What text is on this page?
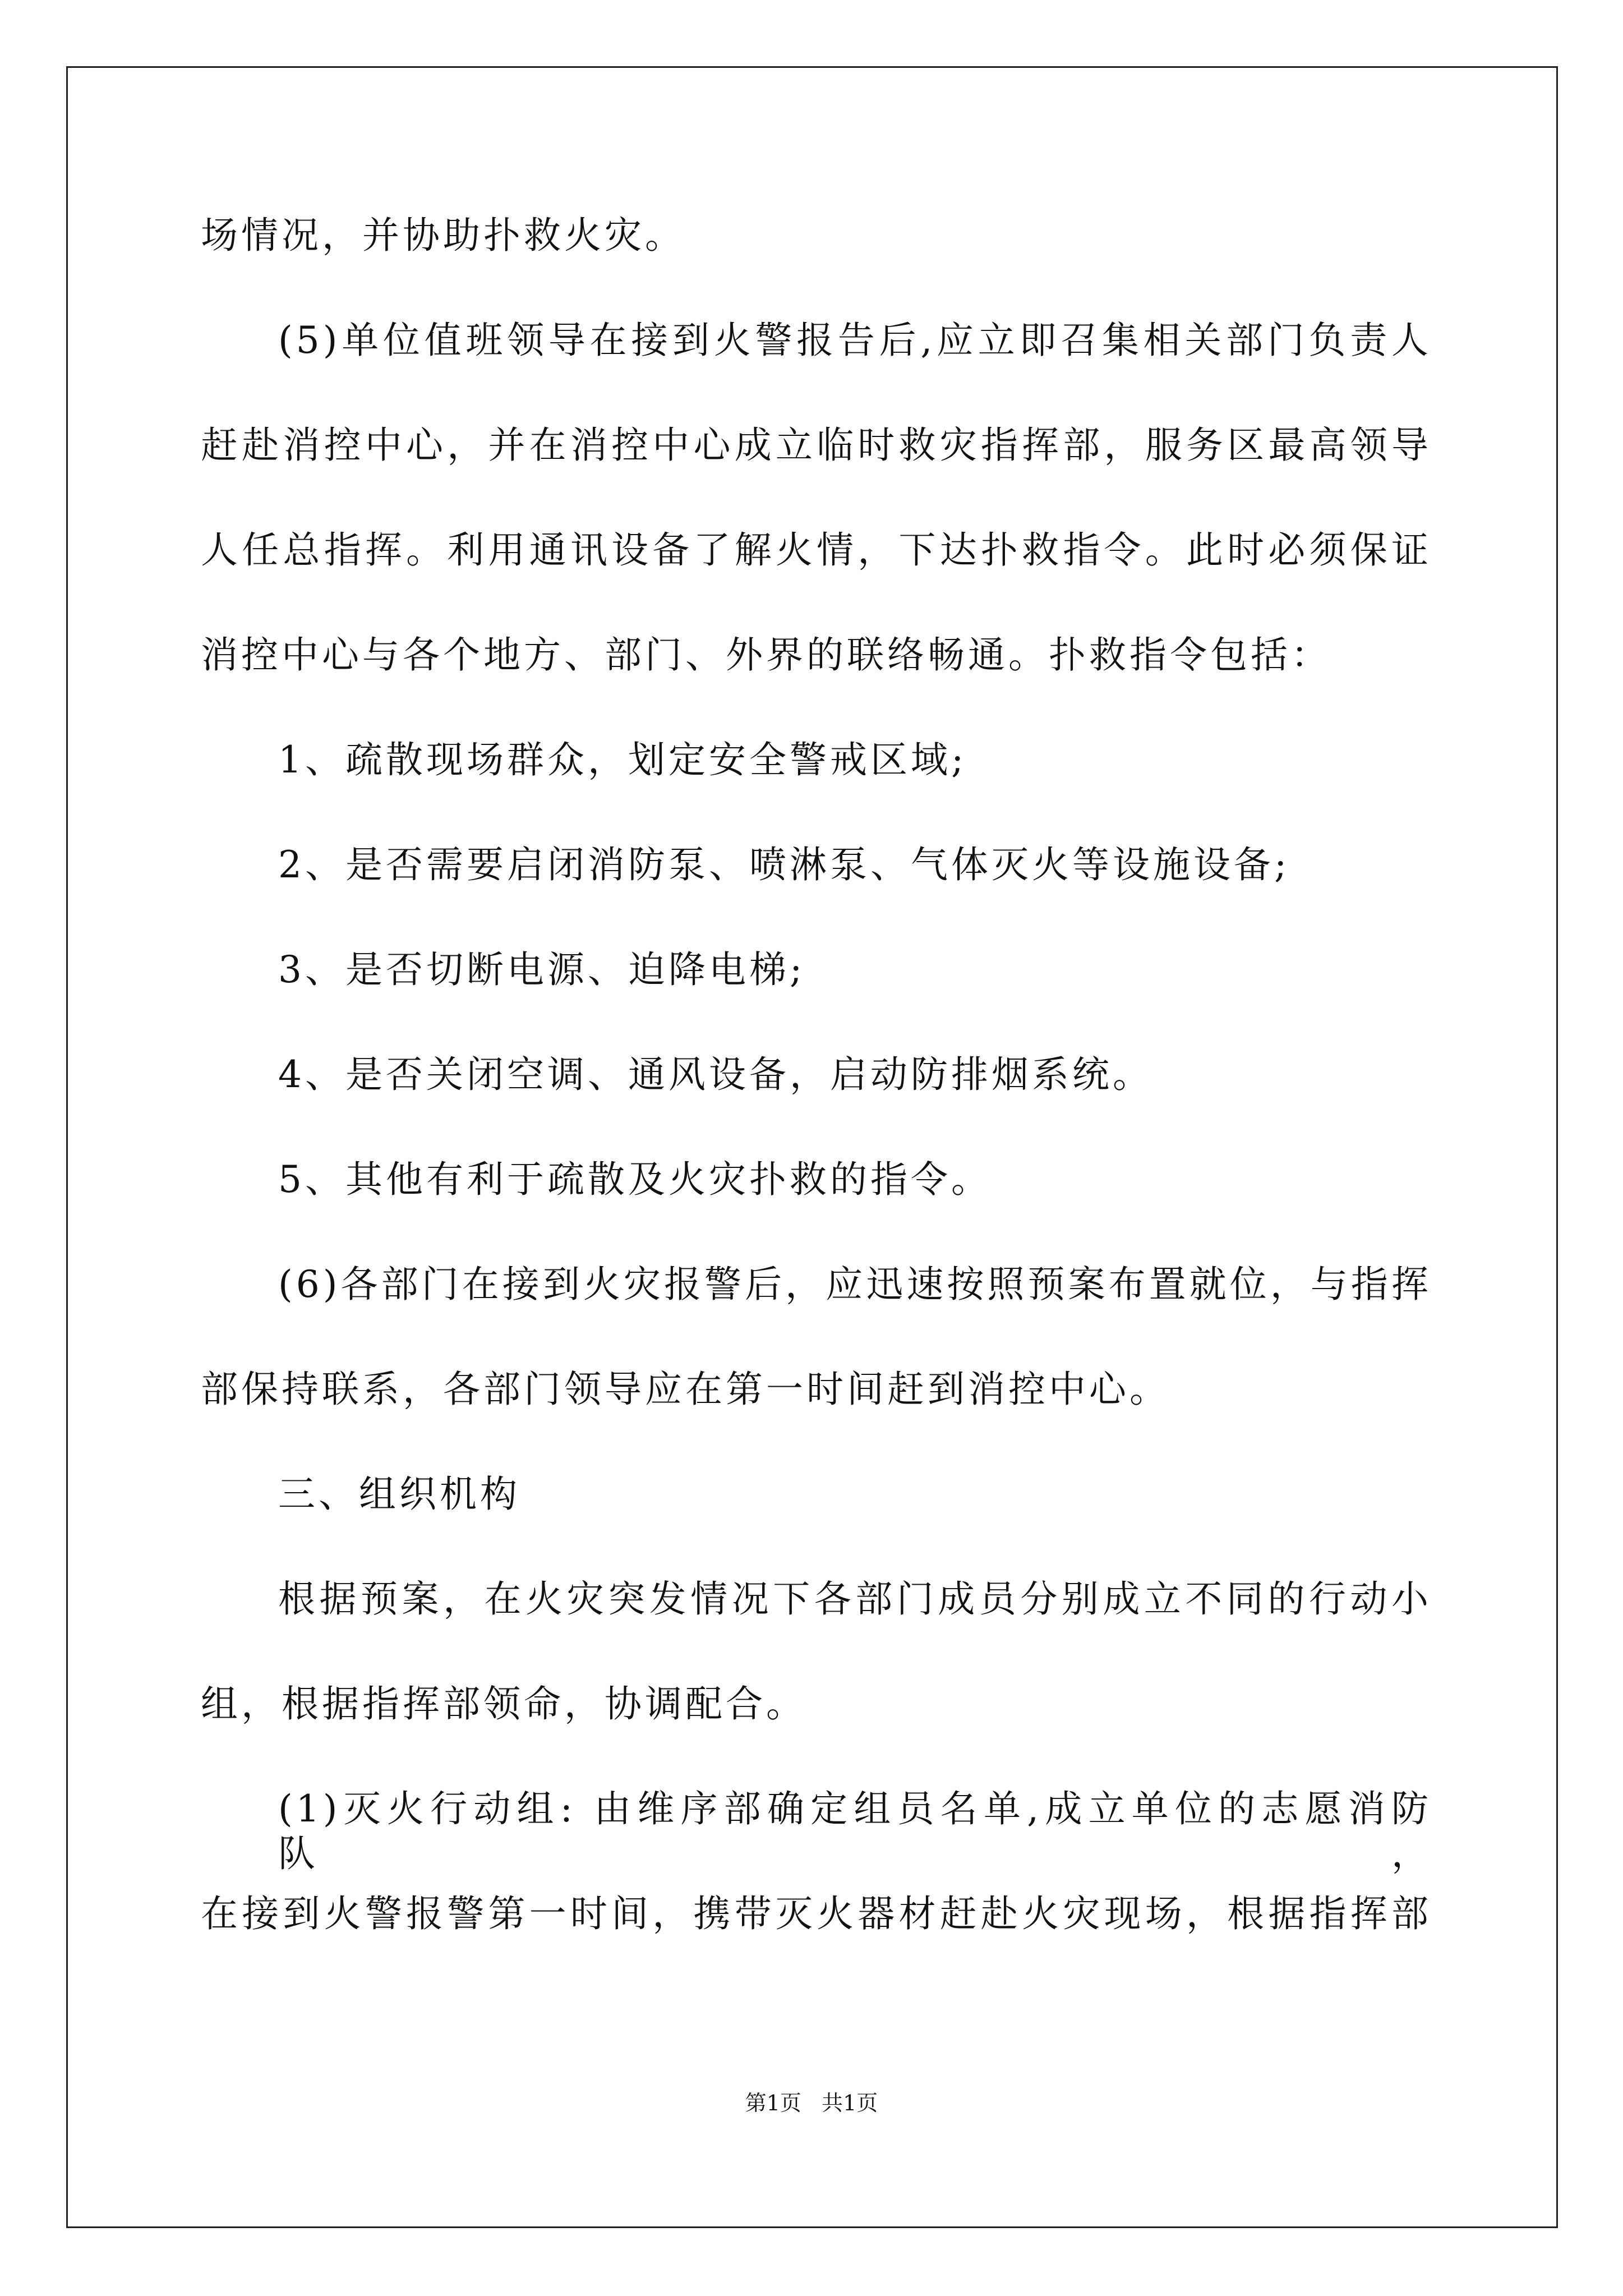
场情况，并协助扑救火灾。
(5)单位值班领导在接到火警报告后,应立即召集相关部门负责人
赶赴消控中心，并在消控中心成立临时救灾指挥部，服务区最高领导
人任总指挥。利用通讯设备了解火情，下达扑救指令。此时必须保证
消控中心与各个地方、部门、外界的联络畅通。扑救指令包括：
1、疏散现场群众，划定安全警戒区域;
2、是否需要启闭消防泵、喷淋泵、气体灭火等设施设备;
3、是否切断电源、迫降电梯;
4、是否关闭空调、通风设备，启动防排烟系统。
5、其他有利于疏散及火灾扑救的指令。
(6)各部门在接到火灾报警后，应迅速按照预案布置就位，与指挥
部保持联系，各部门领导应在第一时间赶到消控中心。
三、组织机构
根据预案，在火灾突发情况下各部门成员分别成立不同的行动小
组，根据指挥部领命，协调配合。
(1)灭火行动组: 由维序部确定组员名单,成立单位的志愿消防队，
在接到火警报警第一时间，携带灭火器材赶赴火灾现场，根据指挥部
第1页   共1页
